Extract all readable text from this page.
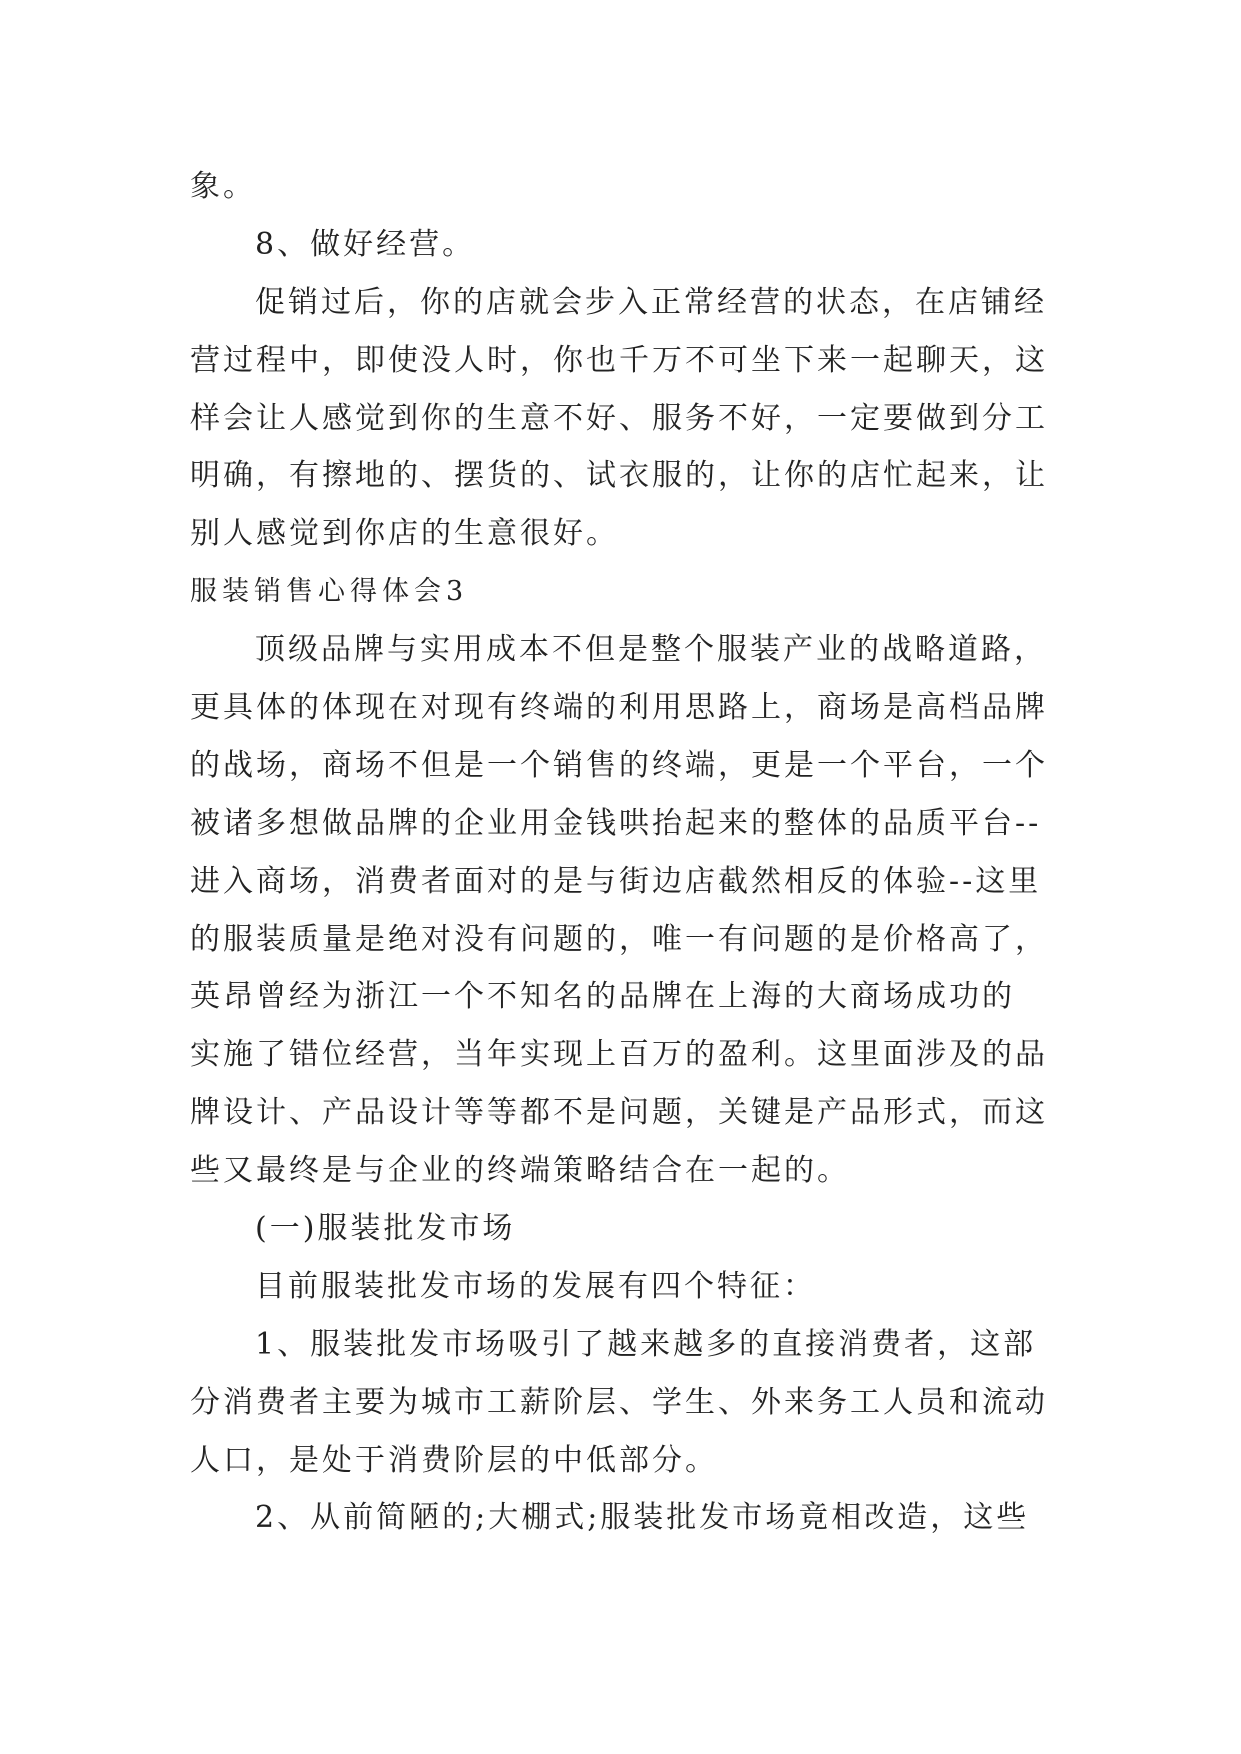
象。
8、做好经营。
促销过后，你的店就会步入正常经营的状态，在店铺经
营过程中，即使没人时，你也千万不可坐下来一起聊天，这
样会让人感觉到你的生意不好、服务不好，一定要做到分工
明确，有擦地的、摆货的、试衣服的，让你的店忙起来，让
别人感觉到你店的生意很好。
服装销售心得体会3
顶级品牌与实用成本不但是整个服装产业的战略道路，
更具体的体现在对现有终端的利用思路上，商场是高档品牌
的战场，商场不但是一个销售的终端，更是一个平台，一个
被诸多想做品牌的企业用金钱哄抬起来的整体的品质平台--
进入商场，消费者面对的是与街边店截然相反的体验--这里
的服装质量是绝对没有问题的，唯一有问题的是价格高了，
英昂曾经为浙江一个不知名的品牌在上海的大商场成功的
实施了错位经营，当年实现上百万的盈利。这里面涉及的品
牌设计、产品设计等等都不是问题，关键是产品形式，而这
些又最终是与企业的终端策略结合在一起的。
(一)服装批发市场
目前服装批发市场的发展有四个特征：
1、服装批发市场吸引了越来越多的直接消费者，这部
分消费者主要为城市工薪阶层、学生、外来务工人员和流动
人口，是处于消费阶层的中低部分。
2、从前简陋的;大棚式;服装批发市场竟相改造，这些
